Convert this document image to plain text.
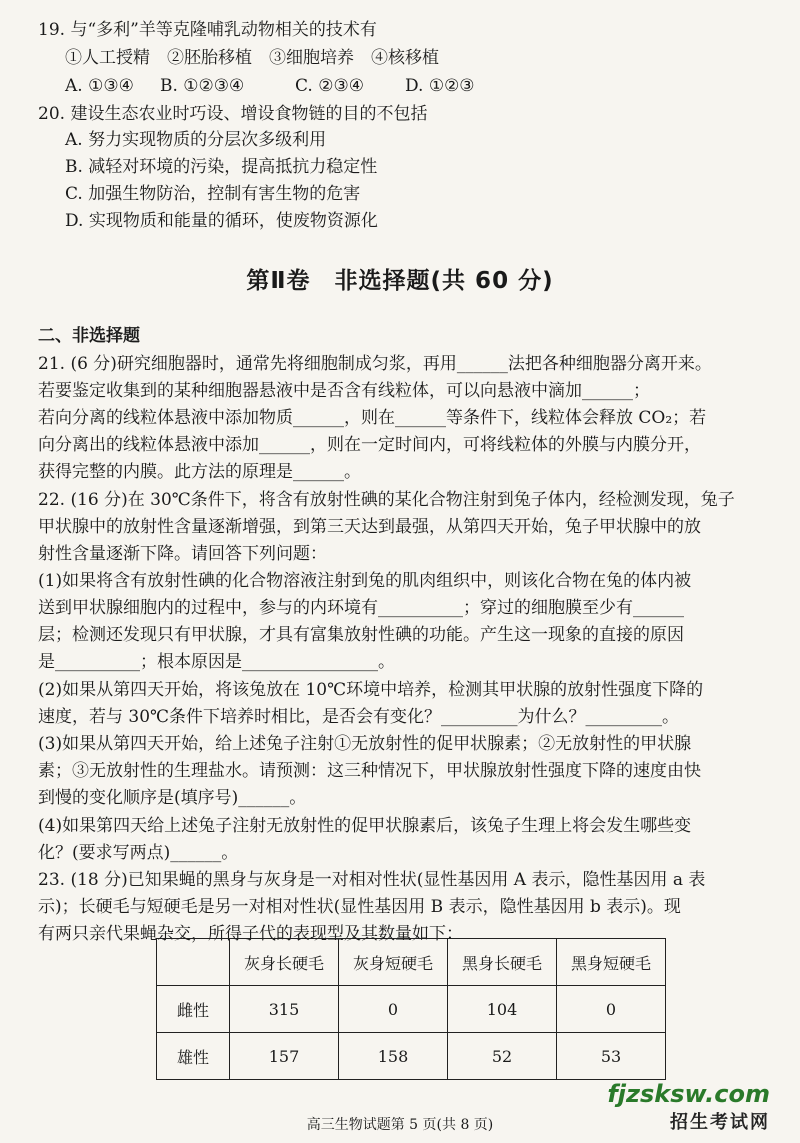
19. 与“多利”羊等克隆哺乳动物相关的技术有
①人工授精　②胚胎移植　③细胞培养　④核移植
A. ①③④	B. ①②③④	C. ②③④	D. ①②③
20. 建设生态农业时巧设、增设食物链的目的不包括
A. 努力实现物质的分层次多级利用
B. 减轻对环境的污染，提高抵抗力稳定性
C. 加强生物防治，控制有害生物的危害
D. 实现物质和能量的循环，使废物资源化
第Ⅱ卷　非选择题(共 60 分)
二、非选择题
21. (6 分)研究细胞器时，通常先将细胞制成匀浆，再用______法把各种细胞器分离开来。
若要鉴定收集到的某种细胞器悬液中是否含有线粒体，可以向悬液中滴加______；
若向分离的线粒体悬液中添加物质______，则在______等条件下，线粒体会释放 CO₂；若
向分离出的线粒体悬液中添加______，则在一定时间内，可将线粒体的外膜与内膜分开，
获得完整的内膜。此方法的原理是______。
22. (16 分)在 30℃条件下，将含有放射性碘的某化合物注射到兔子体内，经检测发现，兔子
甲状腺中的放射性含量逐渐增强，到第三天达到最强，从第四天开始，兔子甲状腺中的放
射性含量逐渐下降。请回答下列问题：
(1)如果将含有放射性碘的化合物溶液注射到兔的肌肉组织中，则该化合物在兔的体内被
送到甲状腺细胞内的过程中，参与的内环境有__________；穿过的细胞膜至少有______
层；检测还发现只有甲状腺，才具有富集放射性碘的功能。产生这一现象的直接的原因
是__________；根本原因是________________。
(2)如果从第四天开始，将该兔放在 10℃环境中培养，检测其甲状腺的放射性强度下降的
速度，若与 30℃条件下培养时相比，是否会有变化？_________为什么？_________。
(3)如果从第四天开始，给上述兔子注射①无放射性的促甲状腺素；②无放射性的甲状腺
素；③无放射性的生理盐水。请预测：这三种情况下，甲状腺放射性强度下降的速度由快
到慢的变化顺序是(填序号)______。
(4)如果第四天给上述兔子注射无放射性的促甲状腺素后，该兔子生理上将会发生哪些变
化？(要求写两点)______。
23. (18 分)已知果蝇的黑身与灰身是一对相对性状(显性基因用 A 表示，隐性基因用 a 表
示)；长硬毛与短硬毛是另一对相对性状(显性基因用 B 表示，隐性基因用 b 表示)。现
有两只亲代果蝇杂交，所得子代的表现型及其数量如下：
	灰身长硬毛	灰身短硬毛	黑身长硬毛	黑身短硬毛
雌性	315	0	104	0
雄性	157	158	52	53
fjzsksw.com
招生考试网
高三生物试题第 5 页(共 8 页)
